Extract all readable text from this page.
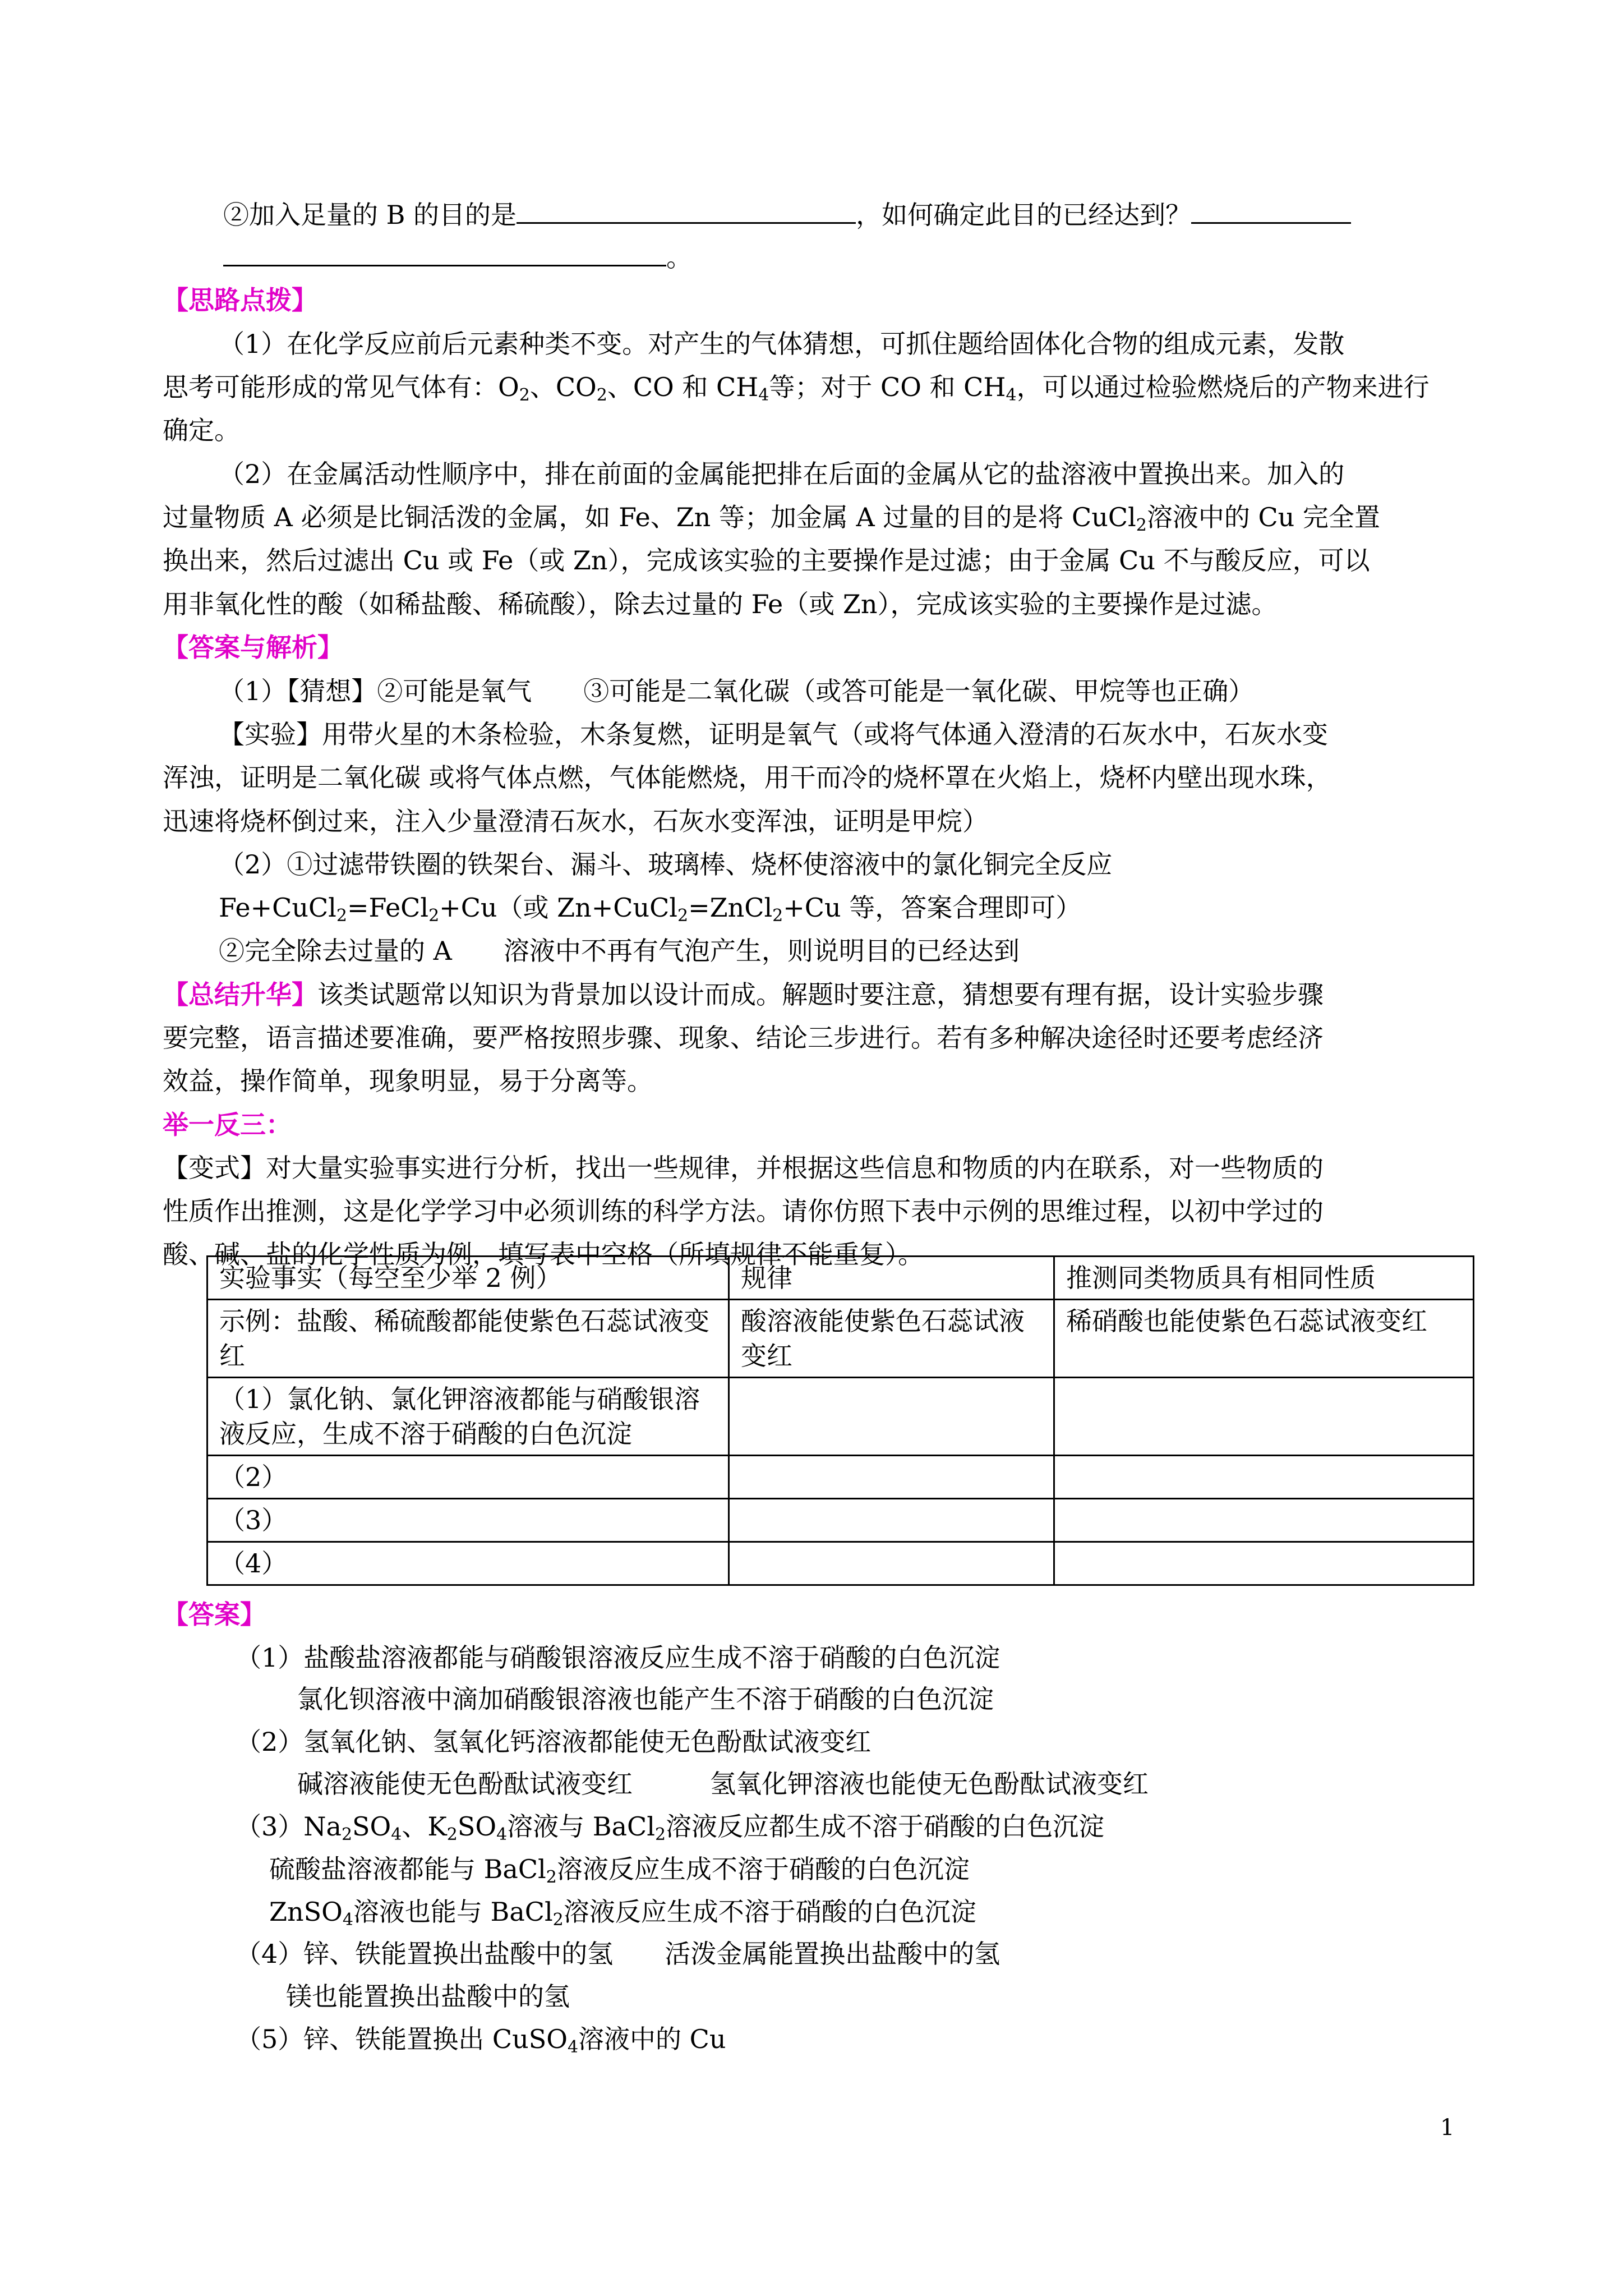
②加入足量的 B 的目的是	，如何确定此目的已经达到？
。
【思路点拨】
（1）在化学反应前后元素种类不变。对产生的气体猜想，可抓住题给固体化合物的组成元素，发散
思考可能形成的常见气体有：$O_2$、$CO_2$、CO 和 $CH_4$等；对于 CO 和 $CH_4$，可以通过检验燃烧后的产物来进行
确定。
（2）在金属活动性顺序中，排在前面的金属能把排在后面的金属从它的盐溶液中置换出来。加入的
过量物质 A 必须是比铜活泼的金属，如 Fe、Zn 等；加金属 A 过量的目的是将 CuCl$_2$溶液中的 Cu 完全置
换出来，然后过滤出 Cu 或 Fe（或 Zn），完成该实验的主要操作是过滤；由于金属 Cu 不与酸反应，可以
用非氧化性的酸（如稀盐酸、稀硫酸），除去过量的 Fe（或 Zn），完成该实验的主要操作是过滤。
【答案与解析】
（1）【猜想】②可能是氧气　　③可能是二氧化碳（或答可能是一氧化碳、甲烷等也正确）
【实验】用带火星的木条检验，木条复燃，证明是氧气（或将气体通入澄清的石灰水中，石灰水变
浑浊，证明是二氧化碳 或将气体点燃，气体能燃烧，用干而冷的烧杯罩在火焰上，烧杯内壁出现水珠，
迅速将烧杯倒过来，注入少量澄清石灰水，石灰水变浑浊，证明是甲烷）
（2）①过滤带铁圈的铁架台、漏斗、玻璃棒、烧杯使溶液中的氯化铜完全反应
Fe+CuCl$_2$=FeCl$_2$+Cu（或 Zn+CuCl$_2$=ZnCl$_2$+Cu 等，答案合理即可）
②完全除去过量的 A　　溶液中不再有气泡产生，则说明目的已经达到
【总结升华】该类试题常以知识为背景加以设计而成。解题时要注意，猜想要有理有据，设计实验步骤
要完整，语言描述要准确，要严格按照步骤、现象、结论三步进行。若有多种解决途径时还要考虑经济
效益，操作简单，现象明显，易于分离等。
举一反三：
【变式】对大量实验事实进行分析，找出一些规律，并根据这些信息和物质的内在联系，对一些物质的
性质作出推测，这是化学学习中必须训练的科学方法。请你仿照下表中示例的思维过程，以初中学过的
酸、碱、盐的化学性质为例，填写表中空格（所填规律不能重复）。
实验事实（每空至少举 2 例）	规律	推测同类物质具有相同性质
示例：盐酸、稀硫酸都能使紫色石蕊试液变红	酸溶液能使紫色石蕊试液变红	稀硝酸也能使紫色石蕊试液变红
（1）氯化钠、氯化钾溶液都能与硝酸银溶液反应，生成不溶于硝酸的白色沉淀		
（2）		
（3）		
（4）		
【答案】
（1）盐酸盐溶液都能与硝酸银溶液反应生成不溶于硝酸的白色沉淀
氯化钡溶液中滴加硝酸银溶液也能产生不溶于硝酸的白色沉淀
（2）氢氧化钠、氢氧化钙溶液都能使无色酚酞试液变红
碱溶液能使无色酚酞试液变红　　　氢氧化钾溶液也能使无色酚酞试液变红
$(3)Na_2SO_4$、$K_2SO_4$溶液与 BaCl$_2$溶液反应都生成不溶于硝酸的白色沉淀
硫酸盐溶液都能与 BaCl$_2$溶液反应生成不溶于硝酸的白色沉淀
ZnSO$_4$溶液也能与 BaCl$_2$溶液反应生成不溶于硝酸的白色沉淀
（4）锌、铁能置换出盐酸中的氢　　活泼金属能置换出盐酸中的氢
镁也能置换出盐酸中的氢
（5）锌、铁能置换出 CuSO$_4$溶液中的 Cu
1
